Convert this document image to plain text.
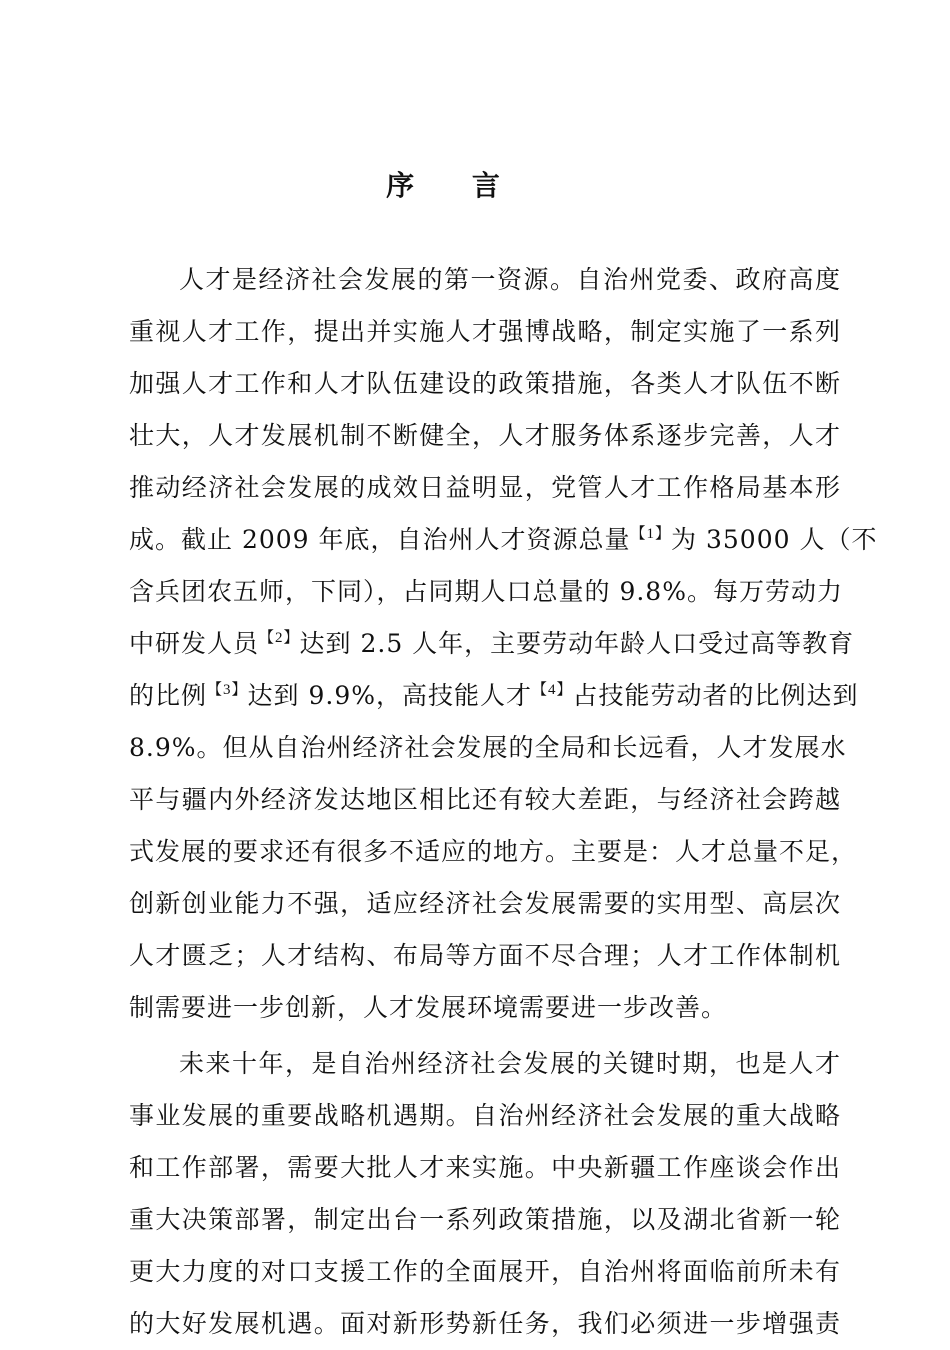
序 言
人才是经济社会发展的第一资源。自治州党委、政府高度
重视人才工作，提出并实施人才强博战略，制定实施了一系列
加强人才工作和人才队伍建设的政策措施，各类人才队伍不断
壮大，人才发展机制不断健全，人才服务体系逐步完善，人才
推动经济社会发展的成效日益明显，党管人才工作格局基本形
成。截止 2009 年底，自治州人才资源总量$^{【1】}$为 35000 人（不
含兵团农五师，下同），占同期人口总量的 9.8%。每万劳动力
中研发人员$^{【2】}$达到 2.5 人年，主要劳动年龄人口受过高等教育
的比例$^{【3】}$达到 9.9%，高技能人才$^{【4】}$占技能劳动者的比例达到
8.9%。但从自治州经济社会发展的全局和长远看，人才发展水
平与疆内外经济发达地区相比还有较大差距，与经济社会跨越
式发展的要求还有很多不适应的地方。主要是：人才总量不足，
创新创业能力不强，适应经济社会发展需要的实用型、高层次
人才匮乏；人才结构、布局等方面不尽合理；人才工作体制机
制需要进一步创新，人才发展环境需要进一步改善。
未来十年，是自治州经济社会发展的关键时期，也是人才
事业发展的重要战略机遇期。自治州经济社会发展的重大战略
和工作部署，需要大批人才来实施。中央新疆工作座谈会作出
重大决策部署，制定出台一系列政策措施，以及湖北省新一轮
更大力度的对口支援工作的全面展开，自治州将面临前所未有
的大好发展机遇。面对新形势新任务，我们必须进一步增强责
